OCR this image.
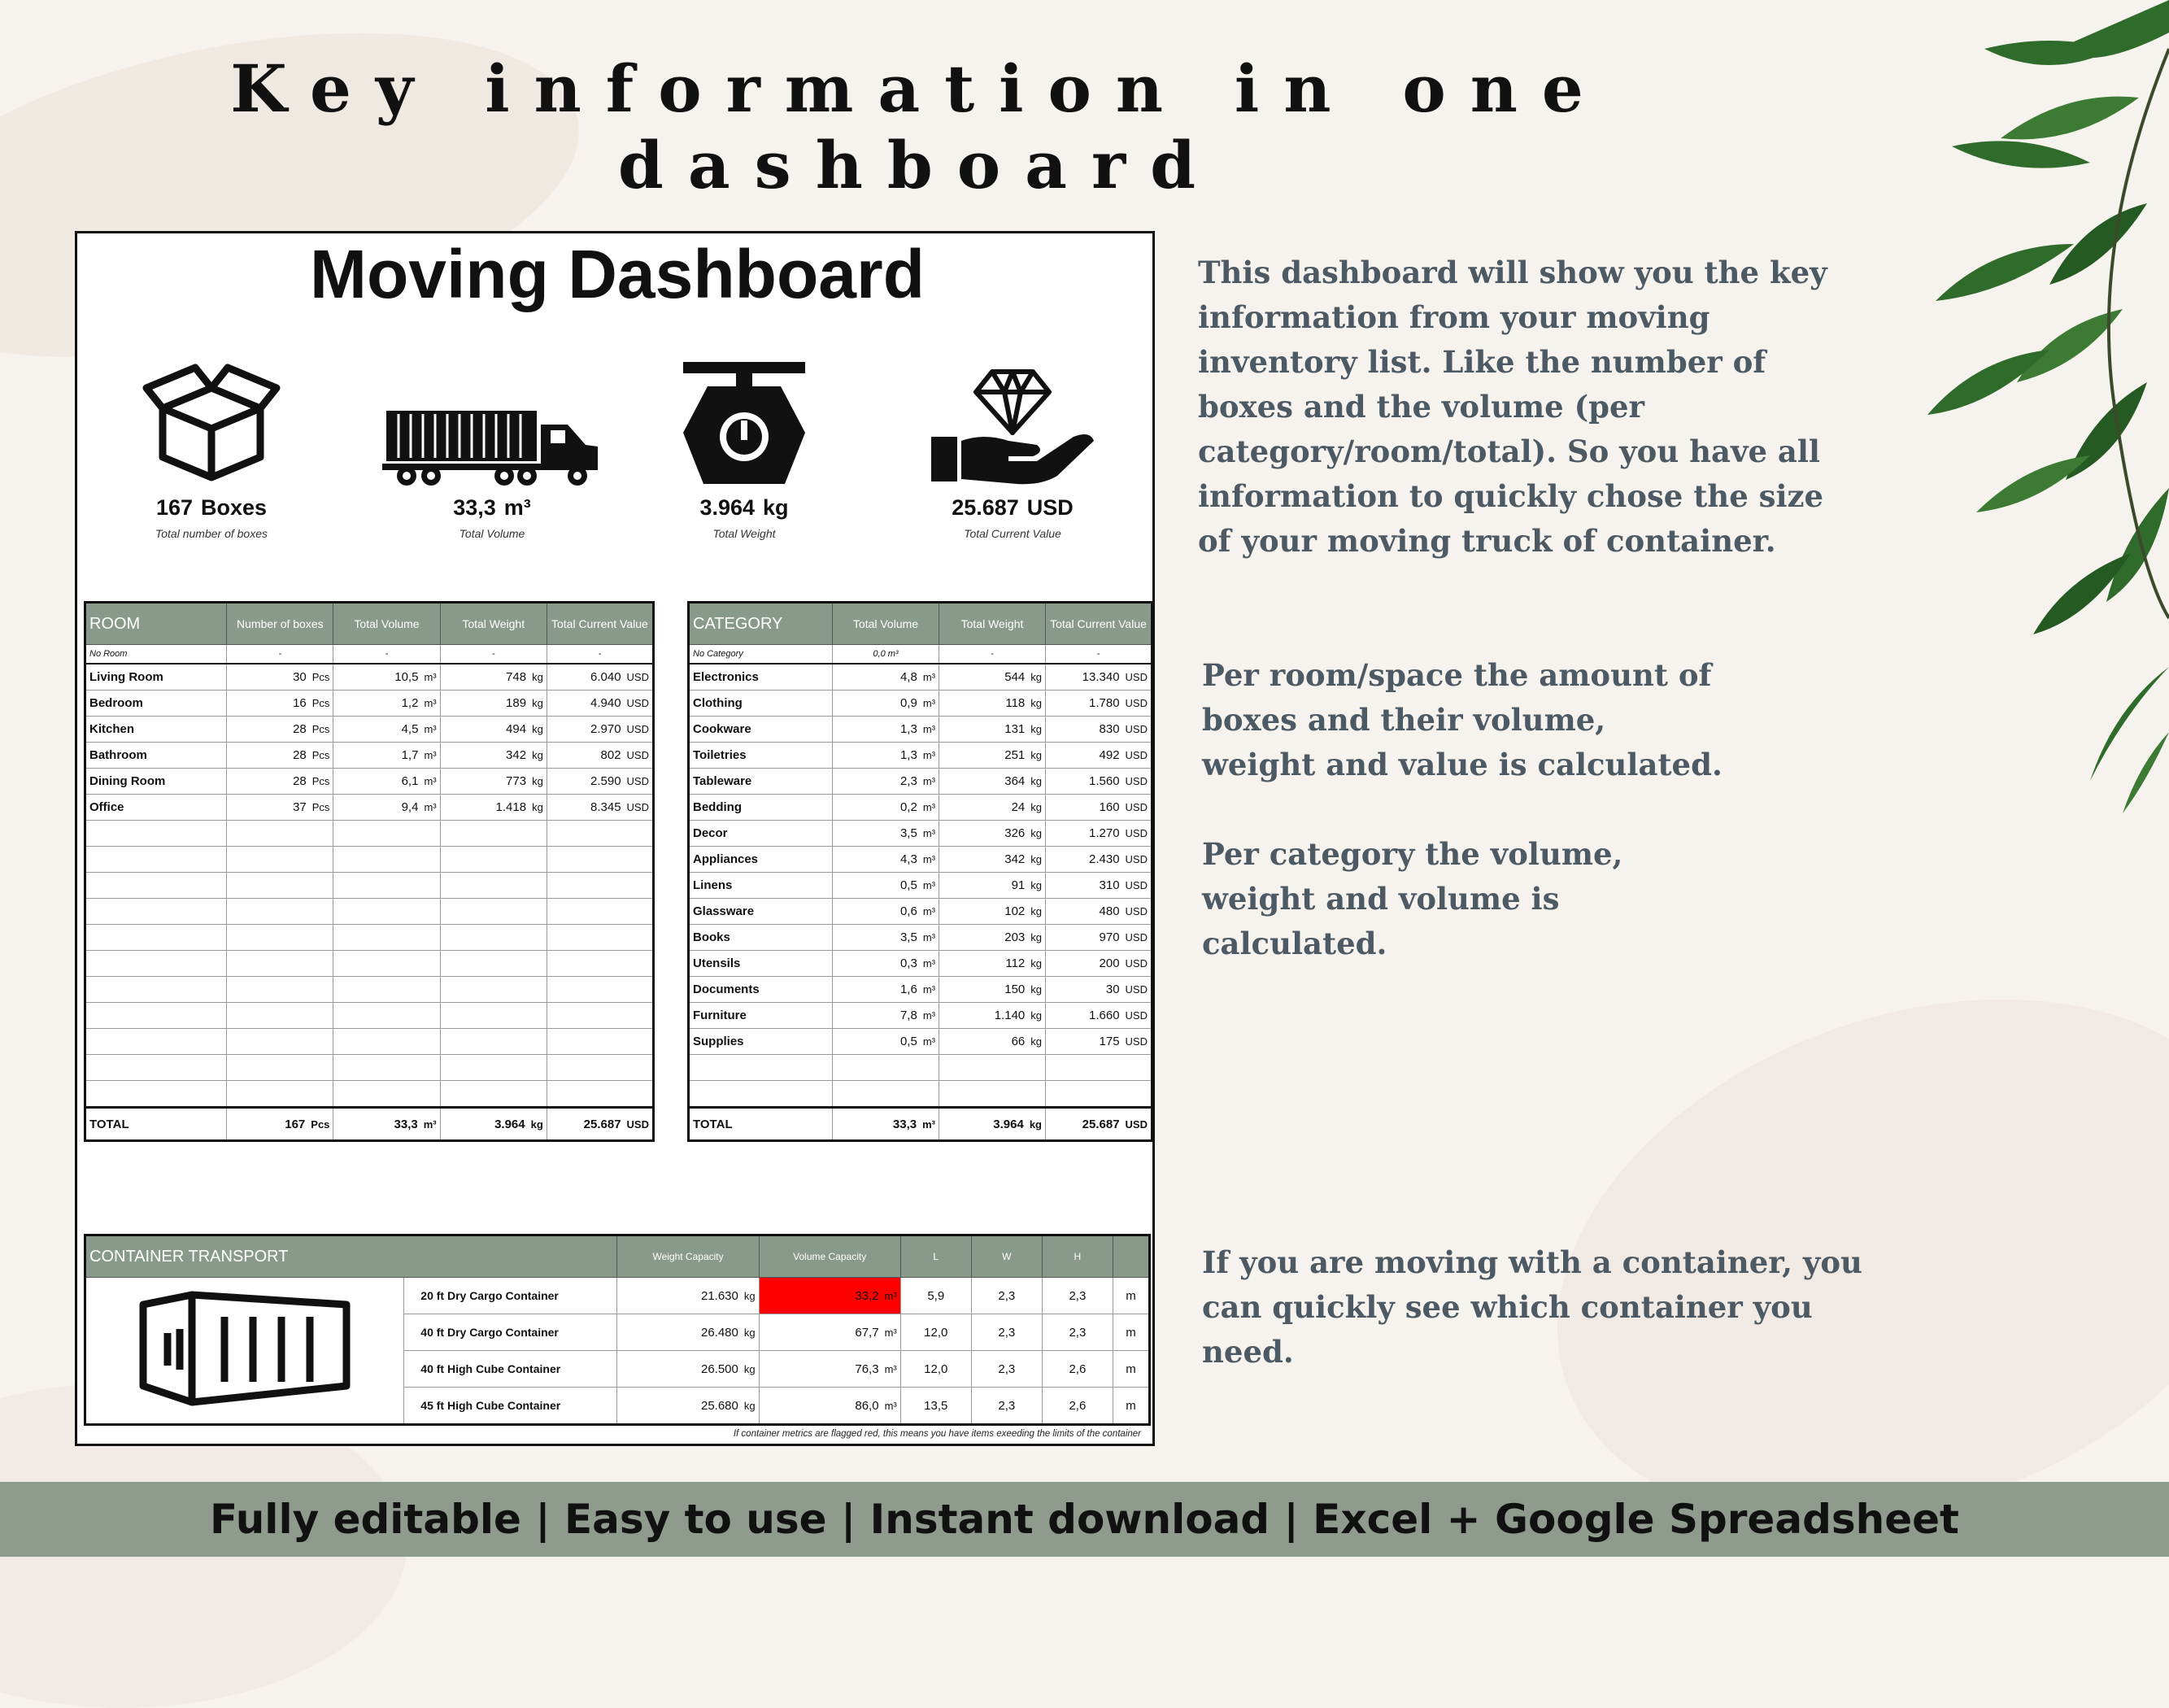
Key information in one dashboard
Moving Dashboard
167 Boxes
Total number of boxes
33,3 m³
Total Volume
3.964 kg
Total Weight
25.687 USD
Total Current Value
ROOM	Number of boxes	Total Volume	Total Weight	Total Current Value
No Room	-	-	-	-
Living Room	30 Pcs	10,5 m³	748 kg	6.040 USD
Bedroom	16 Pcs	1,2 m³	189 kg	4.940 USD
Kitchen	28 Pcs	4,5 m³	494 kg	2.970 USD
Bathroom	28 Pcs	1,7 m³	342 kg	802 USD
Dining Room	28 Pcs	6,1 m³	773 kg	2.590 USD
Office	37 Pcs	9,4 m³	1.418 kg	8.345 USD

TOTAL	167 Pcs	33,3 m³	3.964 kg	25.687 USD
CATEGORY	Total Volume	Total Weight	Total Current Value
No Category	0,0 m³	-	-
Electronics	4,8 m³	544 kg	13.340 USD
Clothing	0,9 m³	118 kg	1.780 USD
Cookware	1,3 m³	131 kg	830 USD
Toiletries	1,3 m³	251 kg	492 USD
Tableware	2,3 m³	364 kg	1.560 USD
Bedding	0,2 m³	24 kg	160 USD
Decor	3,5 m³	326 kg	1.270 USD
Appliances	4,3 m³	342 kg	2.430 USD
Linens	0,5 m³	91 kg	310 USD
Glassware	0,6 m³	102 kg	480 USD
Books	3,5 m³	203 kg	970 USD
Utensils	0,3 m³	112 kg	200 USD
Documents	1,6 m³	150 kg	30 USD
Furniture	7,8 m³	1.140 kg	1.660 USD
Supplies	0,5 m³	66 kg	175 USD

TOTAL	33,3 m³	3.964 kg	25.687 USD
CONTAINER TRANSPORT		Weight Capacity	Volume Capacity	L	W	H	
	20 ft Dry Cargo Container	21.630 kg	33,2 m³	5,9	2,3	2,3	m
	40 ft Dry Cargo Container	26.480 kg	67,7 m³	12,0	2,3	2,3	m
	40 ft High Cube Container	26.500 kg	76,3 m³	12,0	2,3	2,6	m
	45 ft High Cube Container	25.680 kg	86,0 m³	13,5	2,3	2,6	m
If container metrics are flagged red, this means you have items exeeding the limits of the container
This dashboard will show you the key information from your moving inventory list. Like the number of boxes and the volume (per category/room/total). So you have all information to quickly chose the size of your moving truck of container.
Per room/space the amount of boxes and their volume, weight and value is calculated.
Per category the volume, weight and volume is calculated.
If you are moving with a container, you can quickly see which container you need.
Fully editable | Easy to use | Instant download | Excel + Google Spreadsheet
